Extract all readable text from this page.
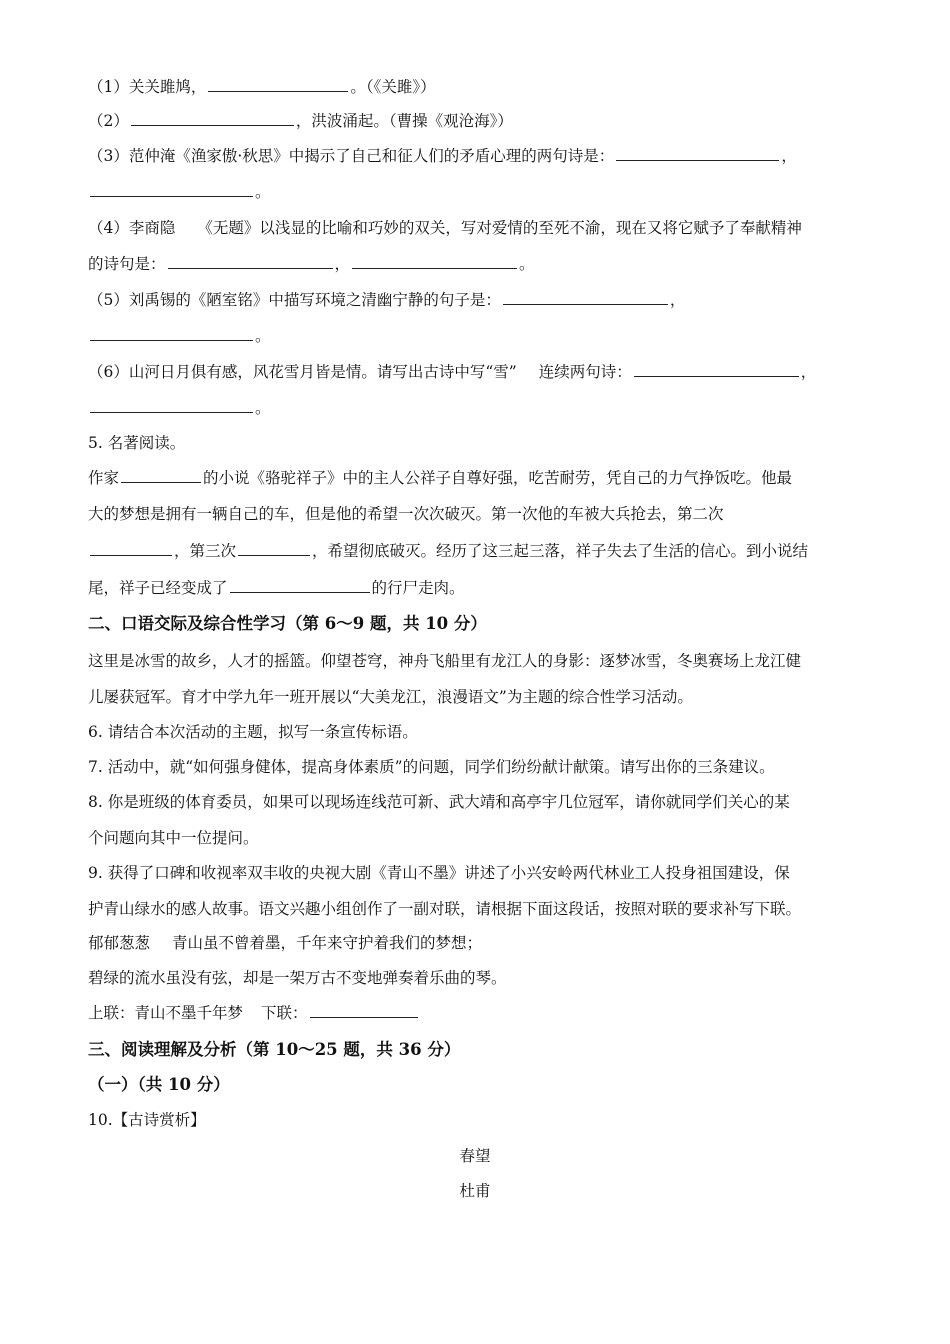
（1）关关雎鸠，	。（《关雎》）
（2）	，洪波涌起。（曹操《观沧海》）
（3）范仲淹《渔家傲·秋思》中揭示了自己和征人们的矛盾心理的两句诗是：	，
。
（4）李商隐 《无题》以浅显的比喻和巧妙的双关，写对爱情的至死不渝，现在又将它赋予了奉献精神
的诗句是：	，	。
（5）刘禹锡的《陋室铭》中描写环境之清幽宁静的句子是：	，
。
（6）山河日月俱有感，风花雪月皆是情。请写出古诗中写“雪” 连续两句诗：	，
。
5. 名著阅读。
作家	的小说《骆驼祥子》中的主人公祥子自尊好强，吃苦耐劳，凭自己的力气挣饭吃。他最
大的梦想是拥有一辆自己的车，但是他的希望一次次破灭。第一次他的车被大兵抢去，第二次
，第三次	，希望彻底破灭。经历了这三起三落，祥子失去了生活的信心。到小说结
尾，祥子已经变成了	的行尸走肉。
二、口语交际及综合性学习（第 6～9 题，共 10 分）
这里是冰雪的故乡，人才的摇篮。仰望苍穹，神舟飞船里有龙江人的身影：逐梦冰雪，冬奥赛场上龙江健
儿屡获冠军。育才中学九年一班开展以“大美龙江，浪漫语文”为主题的综合性学习活动。
6. 请结合本次活动的主题，拟写一条宣传标语。
7. 活动中，就“如何强身健体，提高身体素质”的问题，同学们纷纷献计献策。请写出你的三条建议。
8. 你是班级的体育委员，如果可以现场连线范可新、武大靖和高亭宇几位冠军，请你就同学们关心的某
个问题向其中一位提问。
9. 获得了口碑和收视率双丰收的央视大剧《青山不墨》讲述了小兴安岭两代林业工人投身祖国建设，保
护青山绿水的感人故事。语文兴趣小组创作了一副对联，请根据下面这段话，按照对联的要求补写下联。
郁郁葱葱 青山虽不曾着墨，千年来守护着我们的梦想；
碧绿的流水虽没有弦，却是一架万古不变地弹奏着乐曲的琴。
上联：青山不墨千年梦 下联：
三、阅读理解及分析（第 10～25 题，共 36 分）
（一）（共 10 分）
10.【古诗赏析】
春望
杜甫
